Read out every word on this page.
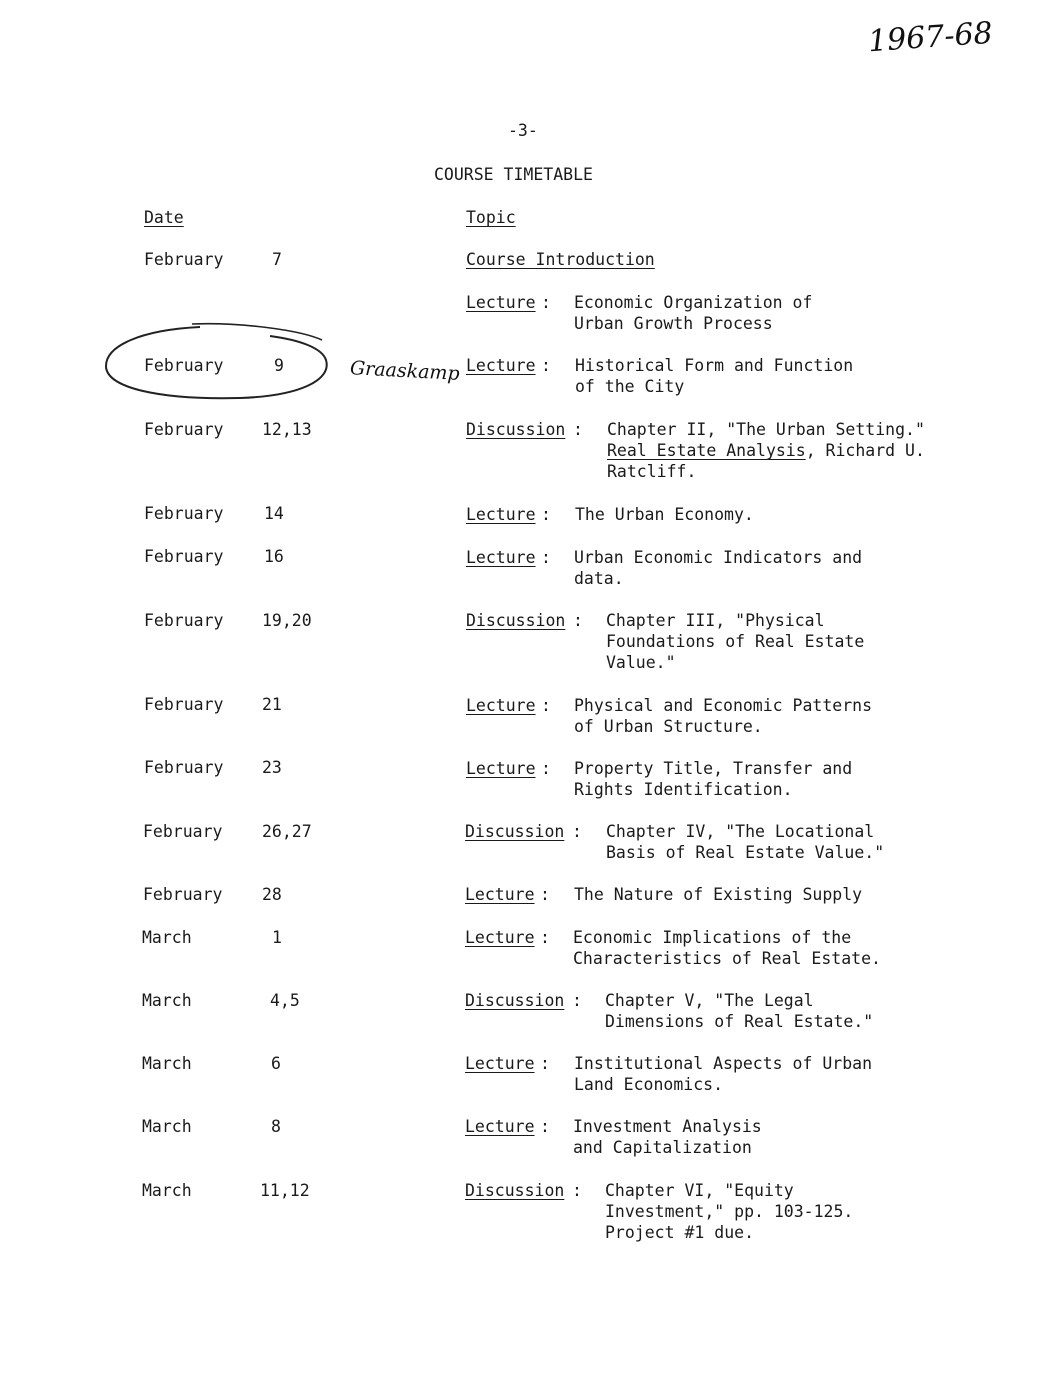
1967-68
-3-
COURSE TIMETABLE
Date	Topic
February	7	Course Introduction
Lecture : Economic Organization of
Urban Growth Process
Graaskamp
February	9	Lecture : Historical Form and Function
of the City
February 12,13	Discussion : Chapter II, "The Urban Setting."
Real Estate Analysis, Richard U.
Ratcliff.
February 14	Lecture : The Urban Economy.
February 16	Lecture : Urban Economic Indicators and
data.
February 19,20	Discussion : Chapter III, "Physical
Foundations of Real Estate
Value."
February 21	Lecture : Physical and Economic Patterns
of Urban Structure.
February 23	Lecture : Property Title, Transfer and
Rights Identification.
February 26,27	Discussion : Chapter IV, "The Locational
Basis of Real Estate Value."
February 28	Lecture : The Nature of Existing Supply
March	1	Lecture : Economic Implications of the
Characteristics of Real Estate.
March	4,5	Discussion : Chapter V, "The Legal
Dimensions of Real Estate."
March	6	Lecture : Institutional Aspects of Urban
Land Economics.
March	8	Lecture : Investment Analysis
and Capitalization
March	11,12	Discussion : Chapter VI, "Equity
Investment," pp. 103-125.
Project #1 due.
